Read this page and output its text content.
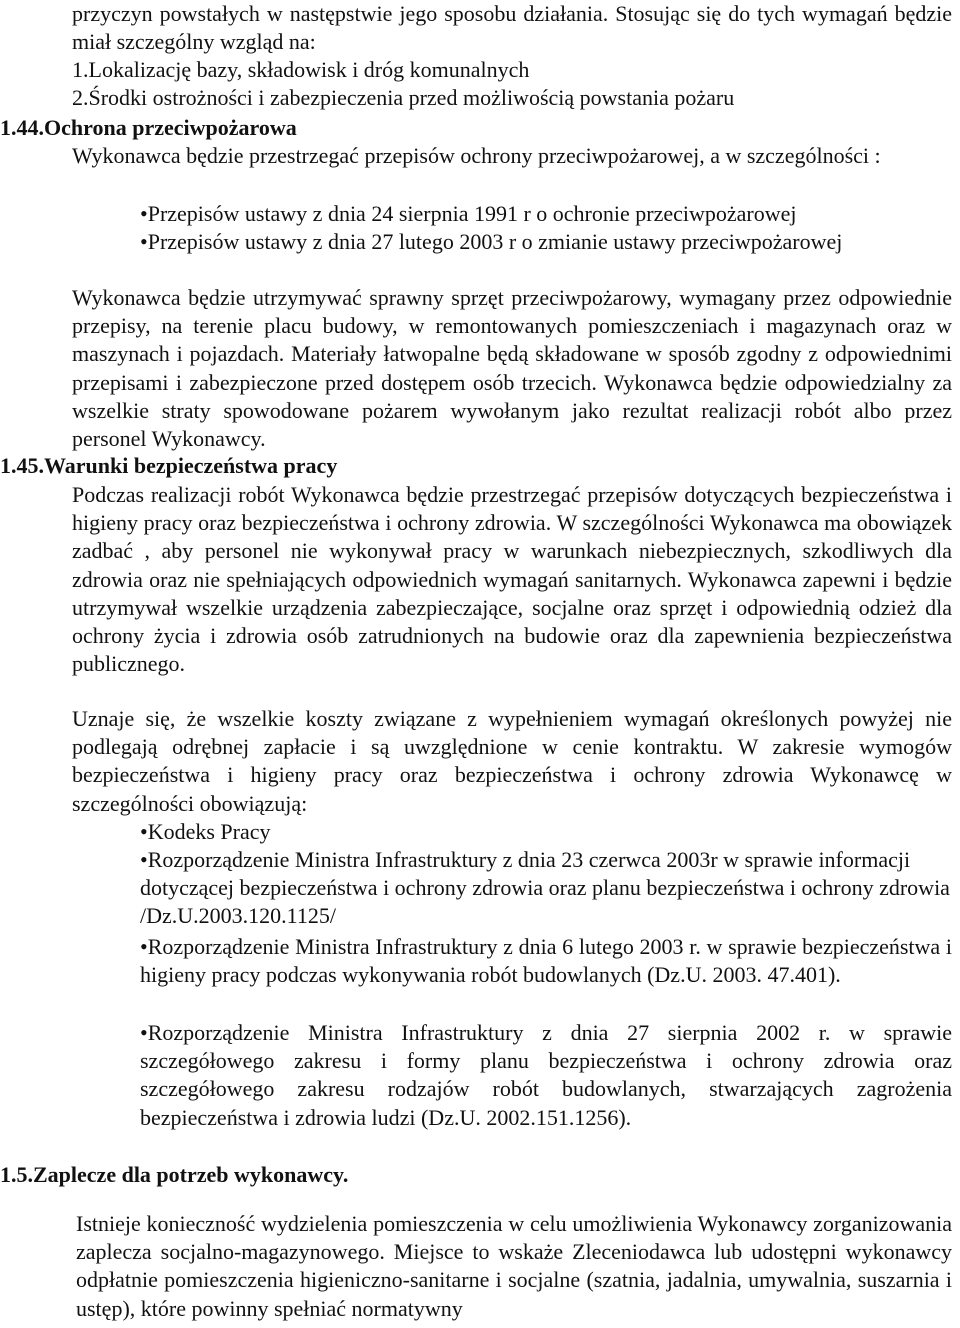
przyczyn powstałych w następstwie jego sposobu działania. Stosując się do tych wymagań będzie miał szczególny wzgląd na:

1.Lokalizację bazy, składowisk i dróg komunalnych

2.Środki ostrożności i zabezpieczenia przed możliwością powstania pożaru

1.44.Ochrona przeciwpożarowa

Wykonawca będzie przestrzegać przepisów ochrony przeciwpożarowej, a w szczególności :

•Przepisów ustawy z dnia 24 sierpnia 1991 r o ochronie przeciwpożarowej

•Przepisów ustawy z dnia 27 lutego 2003 r o zmianie ustawy przeciwpożarowej

Wykonawca będzie utrzymywać sprawny sprzęt przeciwpożarowy, wymagany przez odpowiednie przepisy, na terenie placu budowy, w remontowanych pomieszczeniach i magazynach oraz w maszynach i pojazdach. Materiały łatwopalne będą składowane w sposób zgodny z odpowiednimi przepisami i zabezpieczone przed dostępem osób trzecich. Wykonawca będzie odpowiedzialny za wszelkie straty spowodowane pożarem wywołanym jako rezultat realizacji robót albo przez personel Wykonawcy.

1.45.Warunki bezpieczeństwa pracy

Podczas realizacji robót Wykonawca będzie przestrzegać przepisów dotyczących bezpieczeństwa i higieny pracy oraz bezpieczeństwa i ochrony zdrowia. W szczególności Wykonawca ma obowiązek zadbać , aby personel nie wykonywał pracy w warunkach niebezpiecznych, szkodliwych dla zdrowia oraz nie spełniających odpowiednich wymagań sanitarnych. Wykonawca zapewni i będzie utrzymywał wszelkie urządzenia zabezpieczające, socjalne oraz sprzęt i odpowiednią odzież dla ochrony życia i zdrowia osób zatrudnionych na budowie oraz dla zapewnienia bezpieczeństwa publicznego.

Uznaje się, że wszelkie koszty związane z wypełnieniem wymagań określonych powyżej nie podlegają odrębnej zapłacie i są uwzględnione w cenie kontraktu. W zakresie wymogów bezpieczeństwa i higieny pracy oraz bezpieczeństwa i ochrony zdrowia Wykonawcę w szczególności obowiązują:

•Kodeks Pracy

•Rozporządzenie Ministra Infrastruktury z dnia 23 czerwca 2003r w sprawie informacji dotyczącej bezpieczeństwa i ochrony zdrowia oraz planu bezpieczeństwa i ochrony zdrowia /Dz.U.2003.120.1125/

•Rozporządzenie Ministra Infrastruktury z dnia 6 lutego 2003 r. w sprawie bezpieczeństwa i higieny pracy podczas wykonywania robót budowlanych (Dz.U. 2003. 47.401).

•Rozporządzenie Ministra Infrastruktury z dnia 27 sierpnia 2002 r. w sprawie szczegółowego zakresu i formy planu bezpieczeństwa i ochrony zdrowia oraz szczegółowego zakresu rodzajów robót budowlanych, stwarzających zagrożenia bezpieczeństwa i zdrowia ludzi (Dz.U. 2002.151.1256).

1.5.Zaplecze dla potrzeb wykonawcy.

Istnieje konieczność wydzielenia pomieszczenia w celu umożliwienia Wykonawcy zorganizowania zaplecza socjalno-magazynowego. Miejsce to wskaże Zleceniodawca lub udostępni wykonawcy odpłatnie pomieszczenia higieniczno-sanitarne i socjalne (szatnia, jadalnia, umywalnia, suszarnia i ustęp), które powinny spełniać normatywny
